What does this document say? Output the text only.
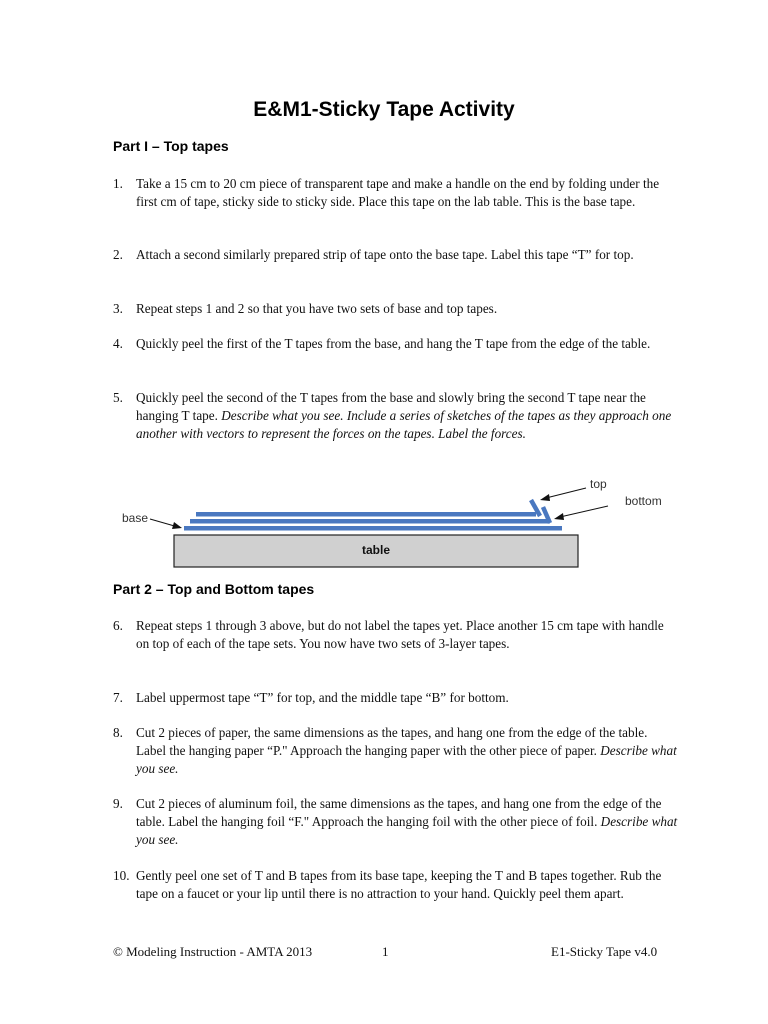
E&M1-Sticky Tape Activity
Part I – Top tapes
1. Take a 15 cm to 20 cm piece of transparent tape and make a handle on the end by folding under the first cm of tape, sticky side to sticky side. Place this tape on the lab table. This is the base tape.
2. Attach a second similarly prepared strip of tape onto the base tape. Label this tape “T” for top.
3. Repeat steps 1 and 2 so that you have two sets of base and top tapes.
4. Quickly peel the first of the T tapes from the base, and hang the T tape from the edge of the table.
5. Quickly peel the second of the T tapes from the base and slowly bring the second T tape near the hanging T tape. Describe what you see. Include a series of sketches of the tapes as they approach one another with vectors to represent the forces on the tapes. Label the forces.
table
base
top
bottom
Part 2 – Top and Bottom tapes
6. Repeat steps 1 through 3 above, but do not label the tapes yet. Place another 15 cm tape with handle on top of each of the tape sets. You now have two sets of 3-layer tapes.
7. Label uppermost tape “T” for top, and the middle tape “B” for bottom.
8. Cut 2 pieces of paper, the same dimensions as the tapes, and hang one from the edge of the table. Label the hanging paper “P." Approach the hanging paper with the other piece of paper. Describe what you see.
9. Cut 2 pieces of aluminum foil, the same dimensions as the tapes, and hang one from the edge of the table. Label the hanging foil “F." Approach the hanging foil with the other piece of foil. Describe what you see.
10. Gently peel one set of T and B tapes from its base tape, keeping the T and B tapes together. Rub the tape on a faucet or your lip until there is no attraction to your hand. Quickly peel them apart.
© Modeling Instruction - AMTA 2013	1	E1-Sticky Tape v4.0
